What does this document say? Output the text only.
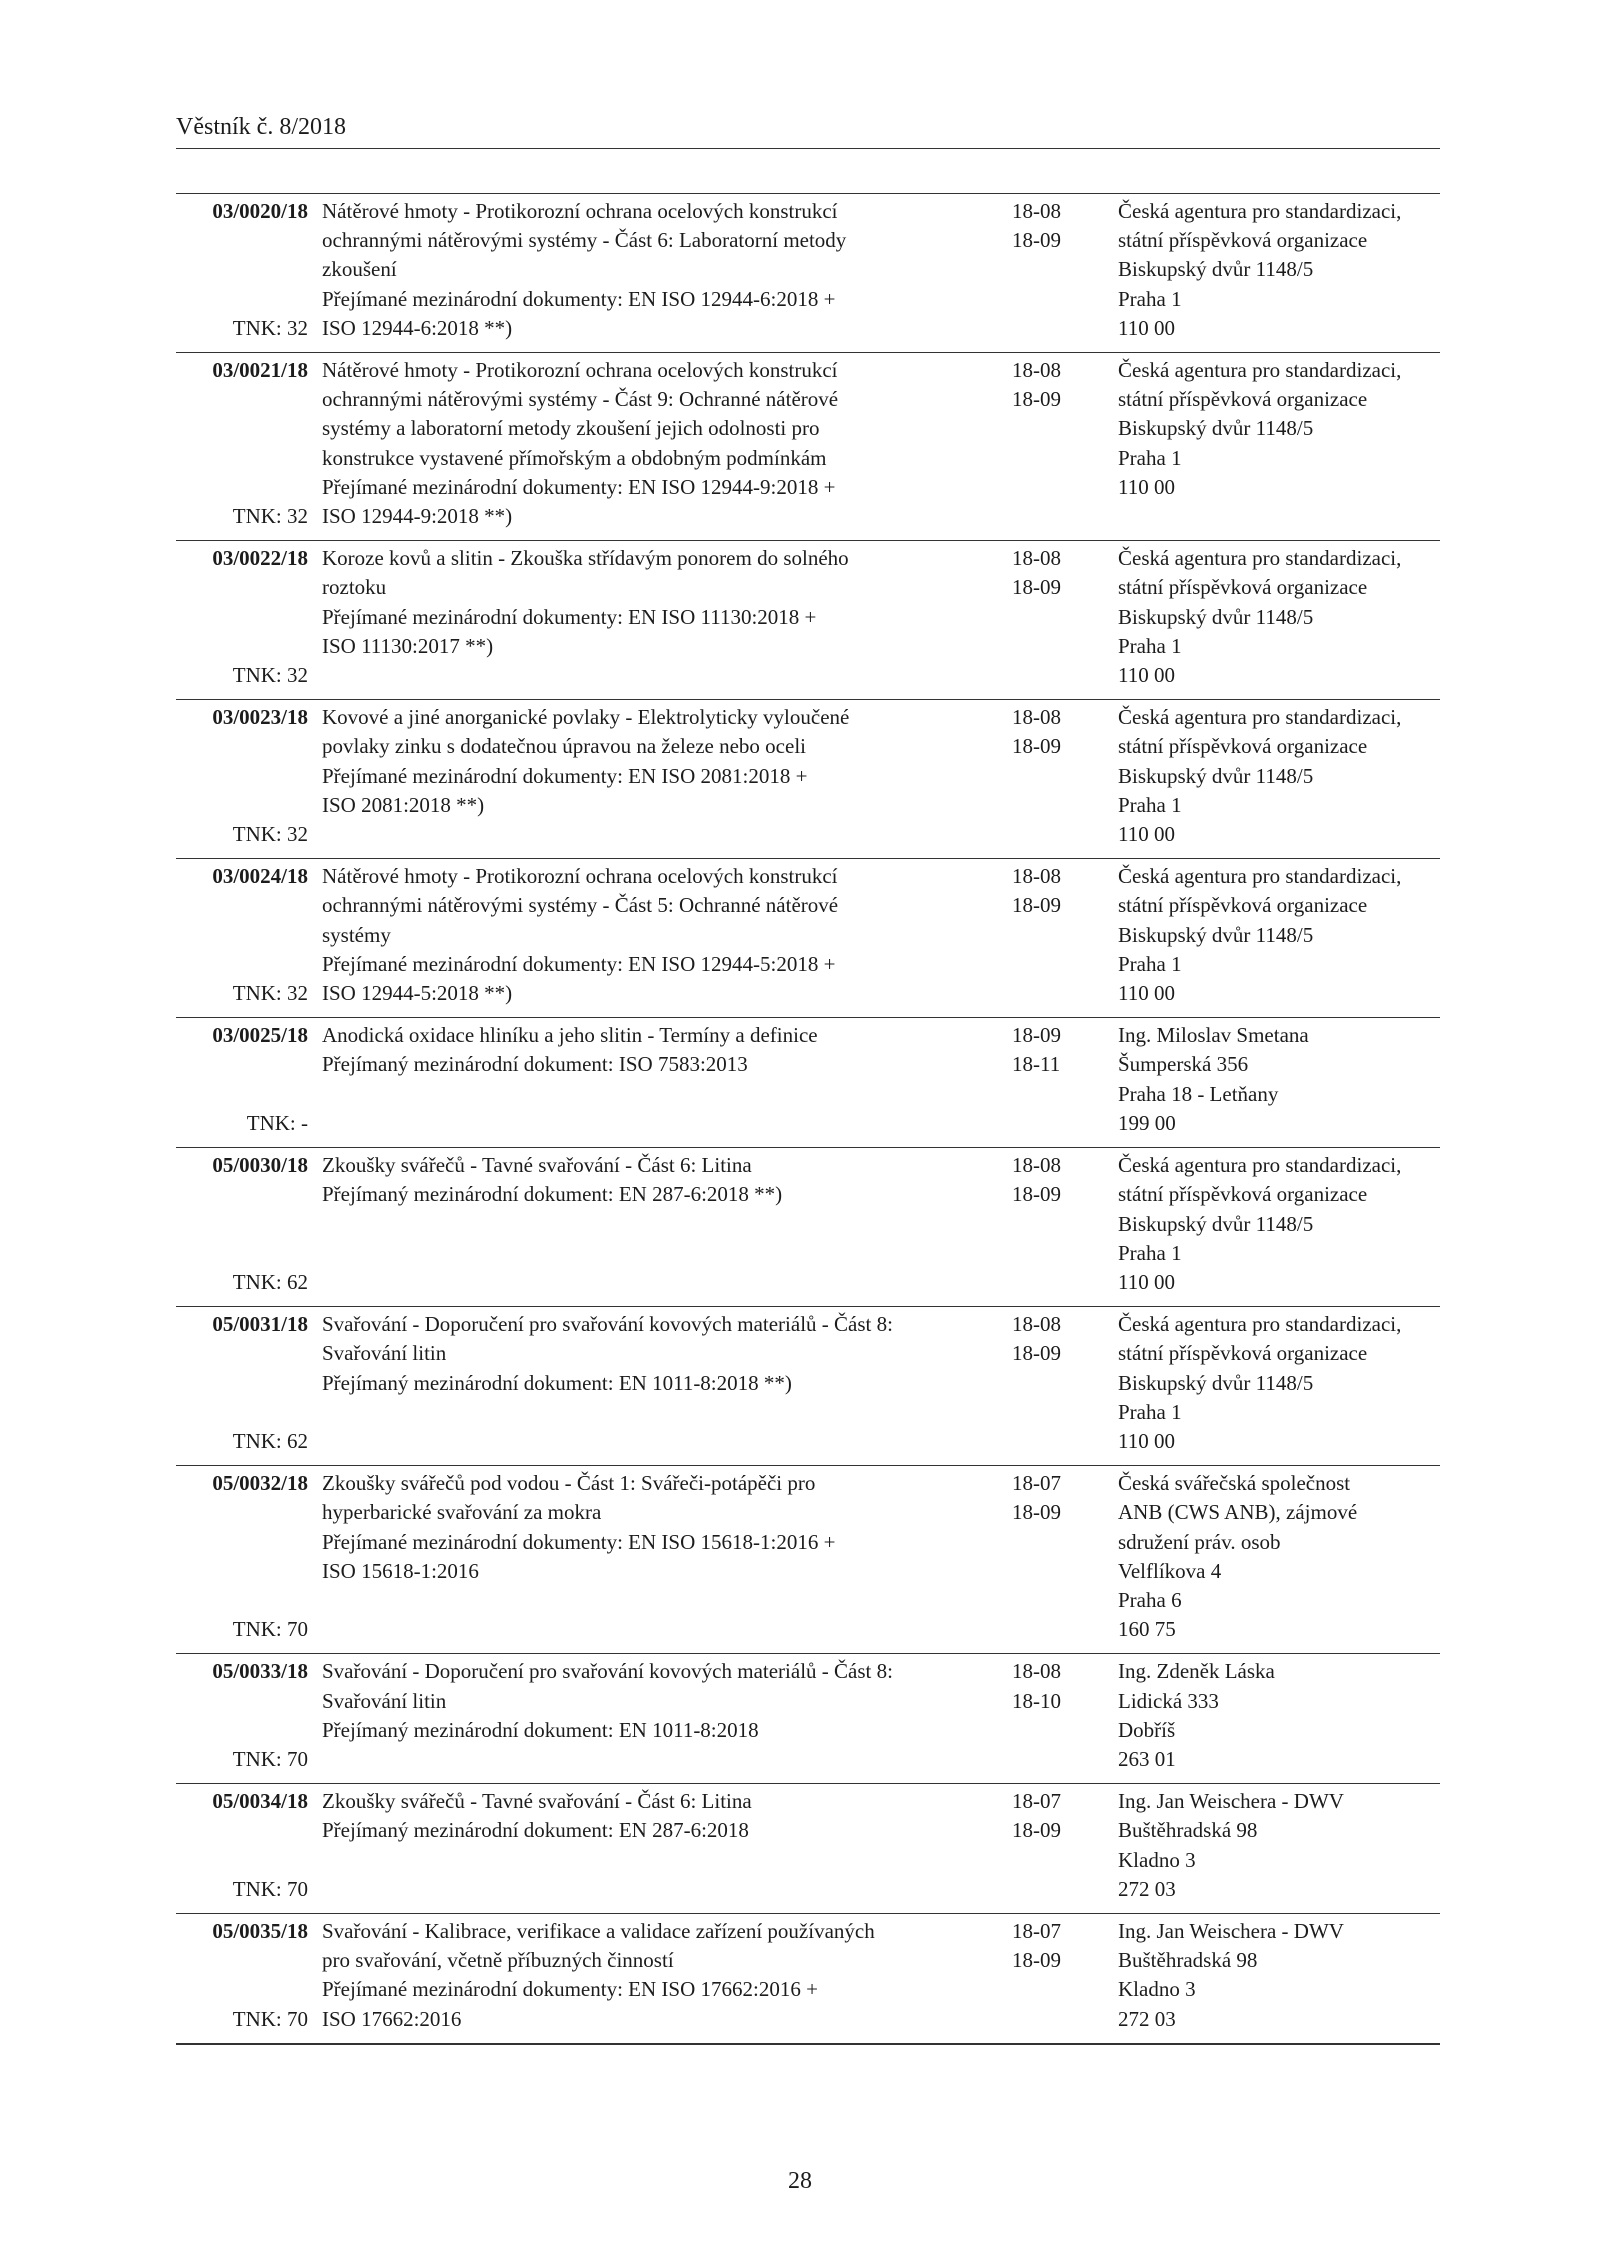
Věstník č. 8/2018
03/0020/18
TNK: 32
Nátěrové hmoty - Protikorozní ochrana ocelových konstrukcí
ochrannými nátěrovými systémy - Část 6: Laboratorní metody
zkoušení
Přejímané mezinárodní dokumenty: EN ISO 12944-6:2018 +
ISO 12944-6:2018 **)
18-08
18-09
Česká agentura pro standardizaci,
státní příspěvková organizace
Biskupský dvůr 1148/5
Praha 1
110 00
03/0021/18
TNK: 32
Nátěrové hmoty - Protikorozní ochrana ocelových konstrukcí
ochrannými nátěrovými systémy - Část 9: Ochranné nátěrové
systémy a laboratorní metody zkoušení jejich odolnosti pro
konstrukce vystavené přímořským a obdobným podmínkám
Přejímané mezinárodní dokumenty: EN ISO 12944-9:2018 +
ISO 12944-9:2018 **)
18-08
18-09
Česká agentura pro standardizaci,
státní příspěvková organizace
Biskupský dvůr 1148/5
Praha 1
110 00
03/0022/18
TNK: 32
Koroze kovů a slitin - Zkouška střídavým ponorem do solného
roztoku
Přejímané mezinárodní dokumenty: EN ISO 11130:2018 +
ISO 11130:2017 **)
18-08
18-09
Česká agentura pro standardizaci,
státní příspěvková organizace
Biskupský dvůr 1148/5
Praha 1
110 00
03/0023/18
TNK: 32
Kovové a jiné anorganické povlaky - Elektrolyticky vyloučené
povlaky zinku s dodatečnou úpravou na železe nebo oceli
Přejímané mezinárodní dokumenty: EN ISO 2081:2018 +
ISO 2081:2018 **)
18-08
18-09
Česká agentura pro standardizaci,
státní příspěvková organizace
Biskupský dvůr 1148/5
Praha 1
110 00
03/0024/18
TNK: 32
Nátěrové hmoty - Protikorozní ochrana ocelových konstrukcí
ochrannými nátěrovými systémy - Část 5: Ochranné nátěrové
systémy
Přejímané mezinárodní dokumenty: EN ISO 12944-5:2018 +
ISO 12944-5:2018 **)
18-08
18-09
Česká agentura pro standardizaci,
státní příspěvková organizace
Biskupský dvůr 1148/5
Praha 1
110 00
03/0025/18
TNK: -
Anodická oxidace hliníku a jeho slitin - Termíny a definice
Přejímaný mezinárodní dokument: ISO 7583:2013
18-09
18-11
Ing. Miloslav Smetana
Šumperská 356
Praha 18 - Letňany
199 00
05/0030/18
TNK: 62
Zkoušky svářečů - Tavné svařování - Část 6: Litina
Přejímaný mezinárodní dokument: EN 287-6:2018 **)
18-08
18-09
Česká agentura pro standardizaci,
státní příspěvková organizace
Biskupský dvůr 1148/5
Praha 1
110 00
05/0031/18
TNK: 62
Svařování - Doporučení pro svařování kovových materiálů - Část 8:
Svařování litin
Přejímaný mezinárodní dokument: EN 1011-8:2018 **)
18-08
18-09
Česká agentura pro standardizaci,
státní příspěvková organizace
Biskupský dvůr 1148/5
Praha 1
110 00
05/0032/18
TNK: 70
Zkoušky svářečů pod vodou - Část 1: Svářeči-potápěči pro
hyperbarické svařování za mokra
Přejímané mezinárodní dokumenty: EN ISO 15618-1:2016 +
ISO 15618-1:2016
18-07
18-09
Česká svářečská společnost
ANB (CWS ANB), zájmové
sdružení práv. osob
Velflíkova 4
Praha 6
160 75
05/0033/18
TNK: 70
Svařování - Doporučení pro svařování kovových materiálů - Část 8:
Svařování litin
Přejímaný mezinárodní dokument: EN 1011-8:2018
18-08
18-10
Ing. Zdeněk Láska
Lidická 333
Dobříš
263 01
05/0034/18
TNK: 70
Zkoušky svářečů - Tavné svařování - Část 6: Litina
Přejímaný mezinárodní dokument: EN 287-6:2018
18-07
18-09
Ing. Jan Weischera - DWV
Buštěhradská 98
Kladno 3
272 03
05/0035/18
TNK: 70
Svařování - Kalibrace, verifikace a validace zařízení používaných
pro svařování, včetně příbuzných činností
Přejímané mezinárodní dokumenty: EN ISO 17662:2016 +
ISO 17662:2016
18-07
18-09
Ing. Jan Weischera - DWV
Buštěhradská 98
Kladno 3
272 03
28
